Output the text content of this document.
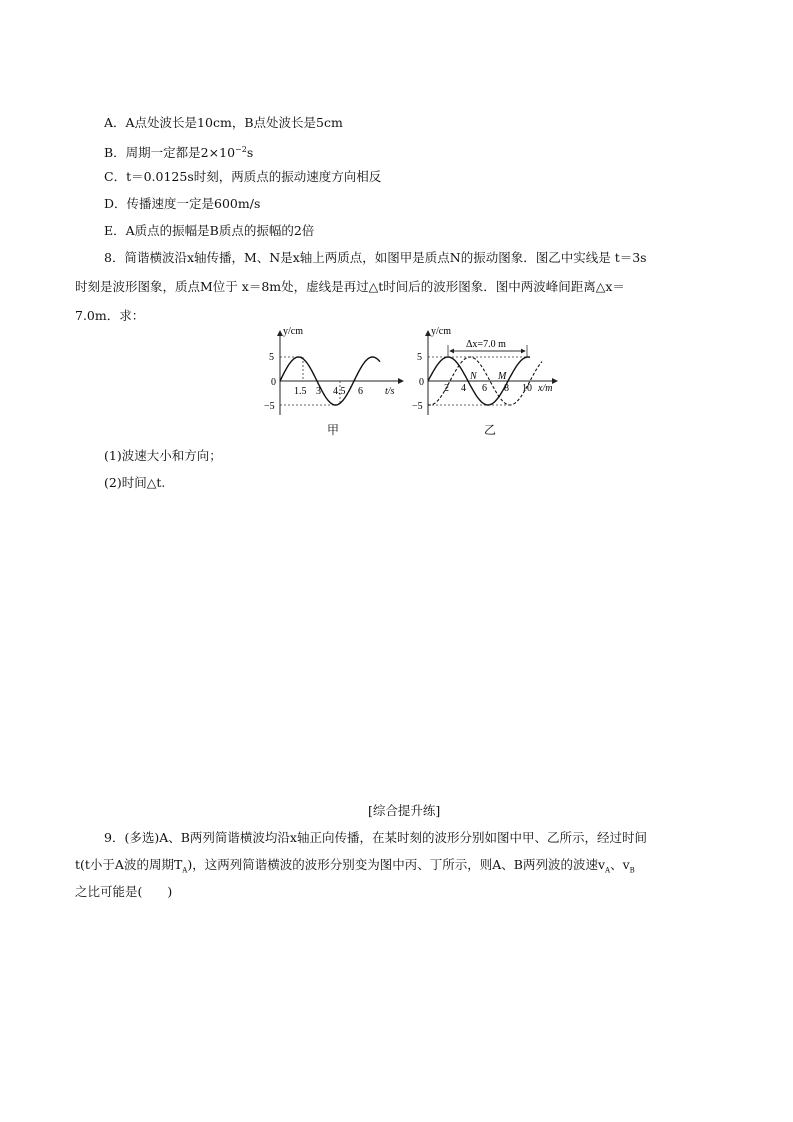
A．A点处波长是10cm，B点处波长是5cm
B．周期一定都是$2\times 10^{-2}s$
C．t＝0.0125s时刻，两质点的振动速度方向相反
D．传播速度一定是600m/s
E．A质点的振幅是B质点的振幅的2倍
8．简谐横波沿x轴传播，M、N是x轴上两质点，如图甲是质点N的振动图象．图乙中实线是 t＝3s
时刻是波形图象，质点M位于 x＝8m处，虚线是再过△t时间后的波形图象．图中两波峰间距离△x＝
7.0m．求：
y/cm
5
0
−5
1.5 3 4.5 6 t/s
甲
y/cm
5
0
−5
2 4 6 8 10 x/m
N M
Δx=7.0 m
乙
(1)波速大小和方向；
(2)时间△t.
[综合提升练]
9．(多选)A、B两列简谐横波均沿x轴正向传播，在某时刻的波形分别如图中甲、乙所示，经过时间
t(t小于A波的周期$T_A$)，这两列简谐横波的波形分别变为图中丙、丁所示，则A、B两列波的波速$v_A$、$v_B$
之比可能是(　　)
